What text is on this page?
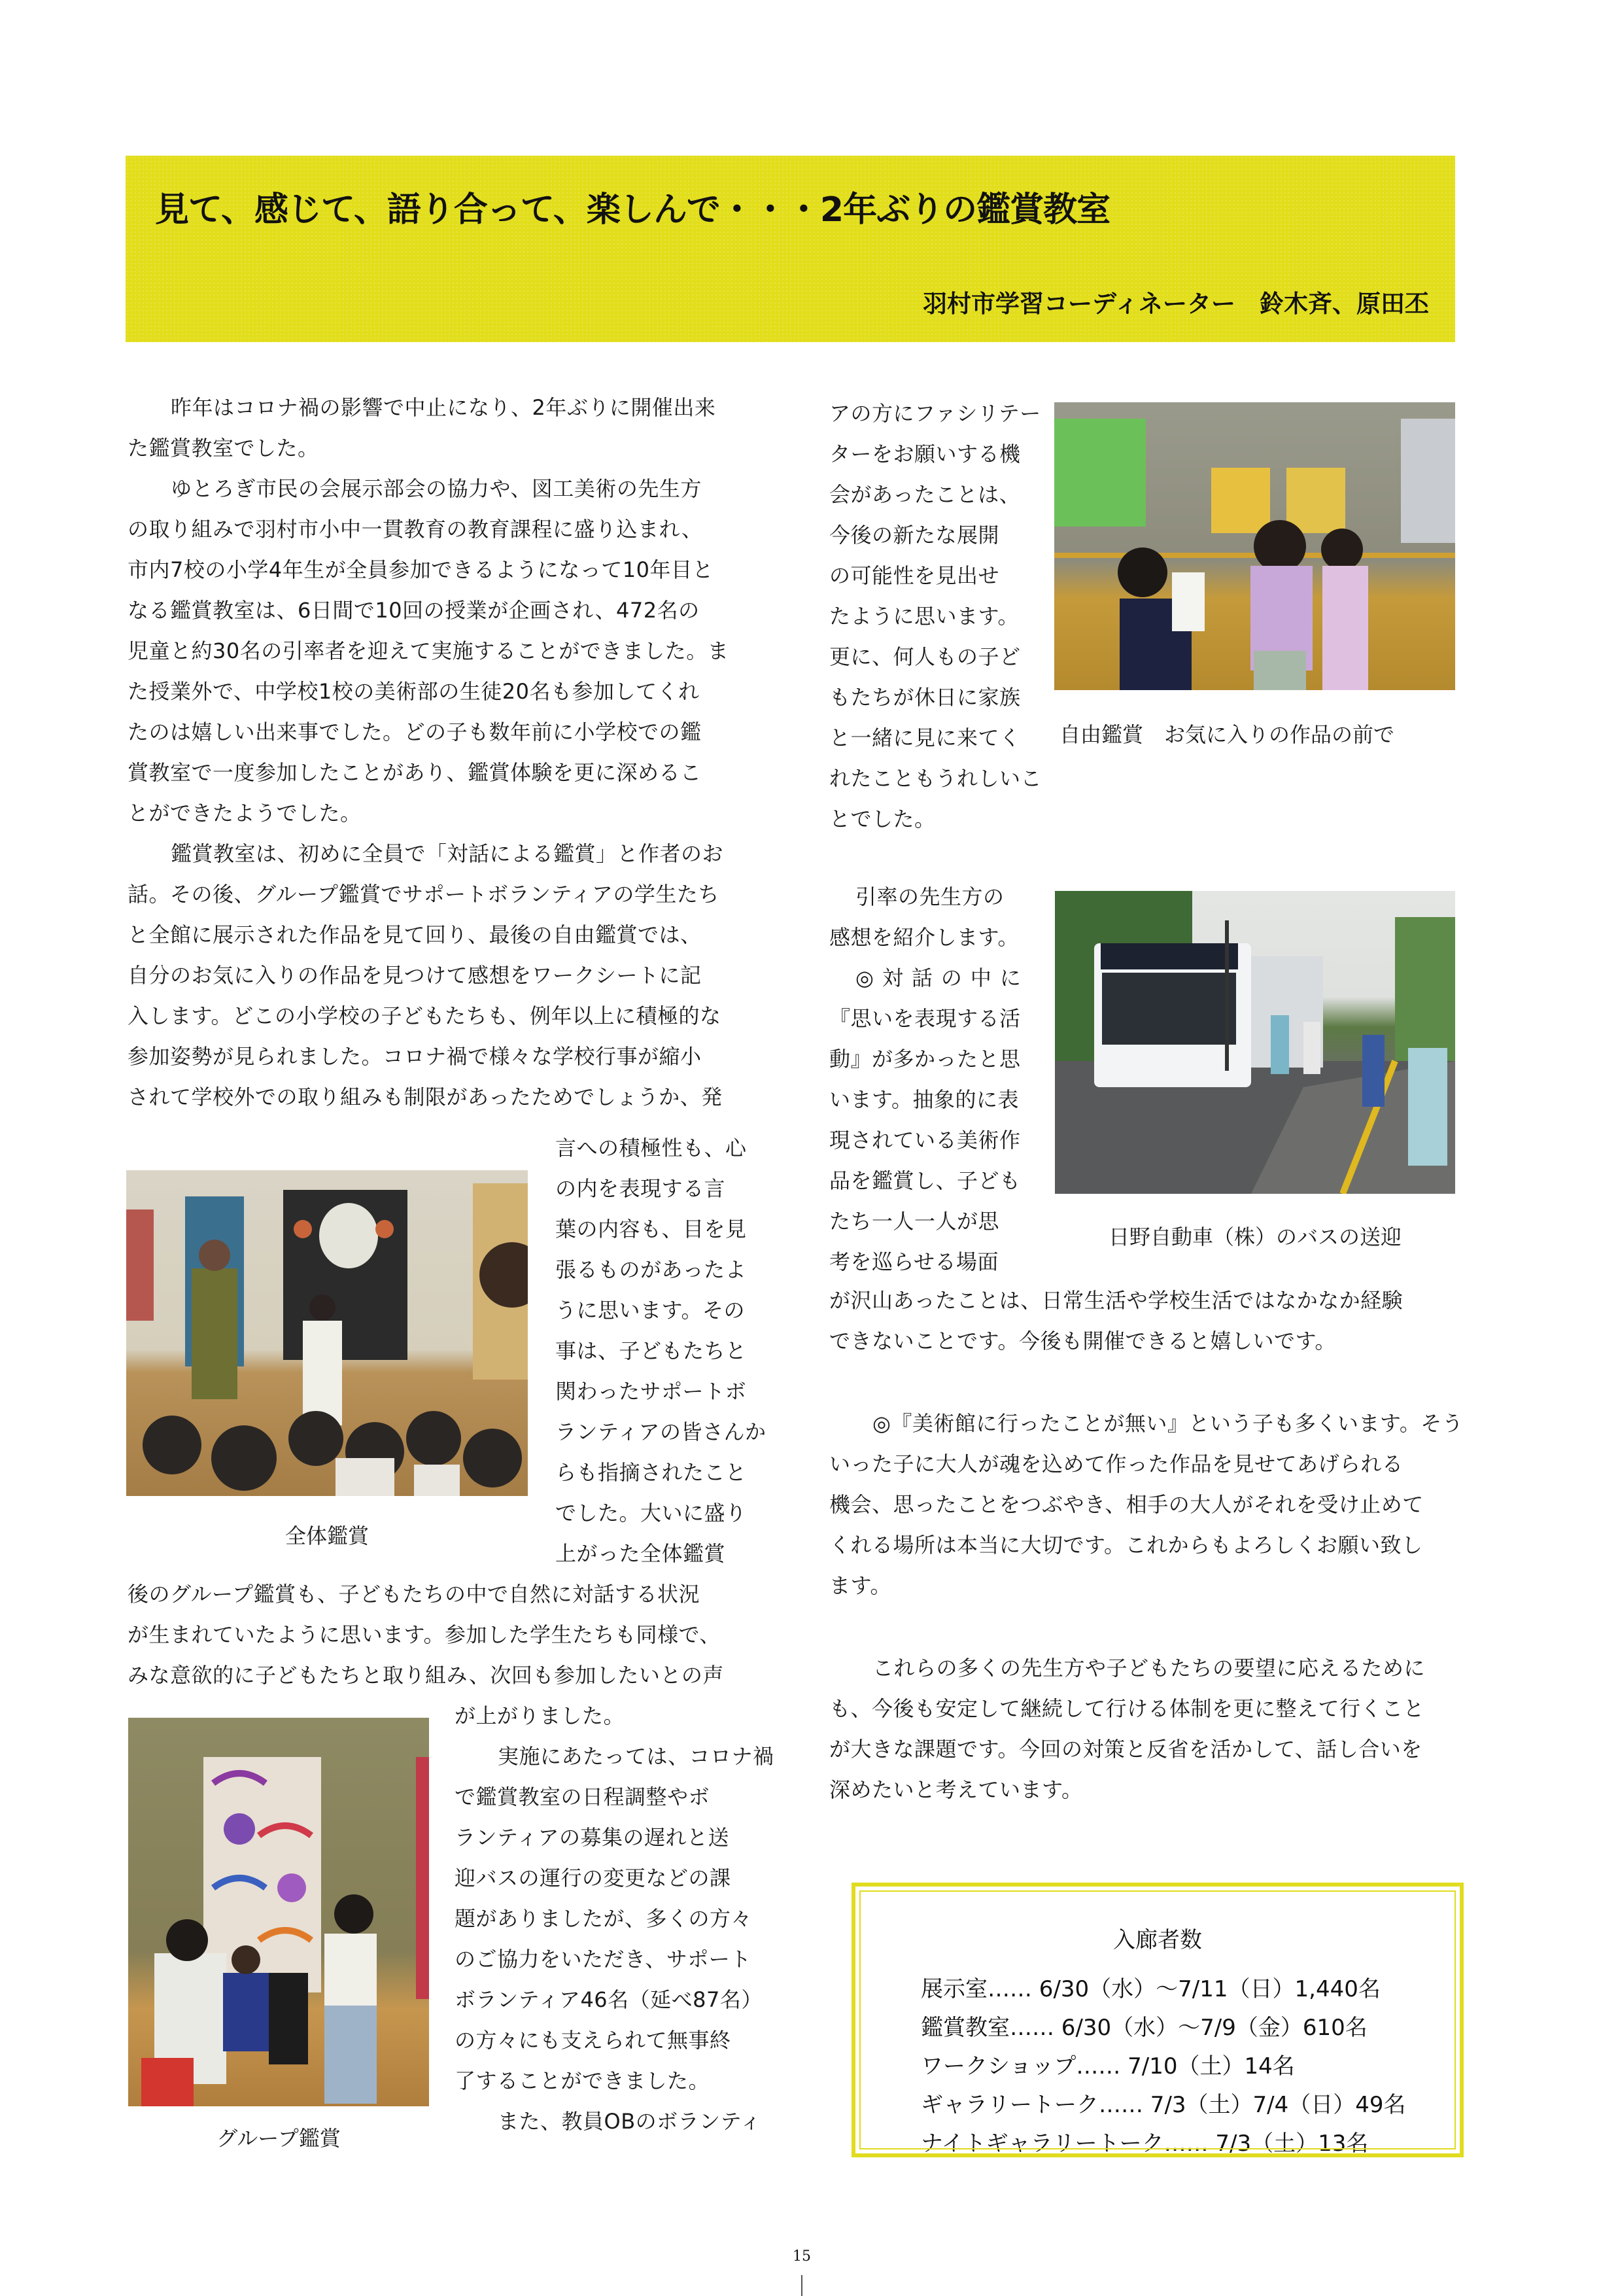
見て、感じて、語り合って、楽しんで・・・2年ぶりの鑑賞教室
羽村市学習コーディネーター　鈴木斉、原田丕

昨年はコロナ禍の影響で中止になり、2年ぶりに開催出来

た鑑賞教室でした。

ゆとろぎ市民の会展示部会の協力や、図工美術の先生方

の取り組みで羽村市小中一貫教育の教育課程に盛り込まれ、

市内7校の小学4年生が全員参加できるようになって10年目と

なる鑑賞教室は、6日間で10回の授業が企画され、472名の

児童と約30名の引率者を迎えて実施することができました。ま

た授業外で、中学校1校の美術部の生徒20名も参加してくれ

たのは嬉しい出来事でした。どの子も数年前に小学校での鑑

賞教室で一度参加したことがあり、鑑賞体験を更に深めるこ

とができたようでした。

鑑賞教室は、初めに全員で「対話による鑑賞」と作者のお

話。その後、グループ鑑賞でサポートボランティアの学生たち

と全館に展示された作品を見て回り、最後の自由鑑賞では、

自分のお気に入りの作品を見つけて感想をワークシートに記

入します。どこの小学校の子どもたちも、例年以上に積極的な

参加姿勢が見られました。コロナ禍で様々な学校行事が縮小

されて学校外での取り組みも制限があったためでしょうか、発

全体鑑賞

言への積極性も、心

の内を表現する言

葉の内容も、目を見

張るものがあったよ

うに思います。その

事は、子どもたちと

関わったサポートボ

ランティアの皆さんか

らも指摘されたこと

でした。大いに盛り

上がった全体鑑賞

後のグループ鑑賞も、子どもたちの中で自然に対話する状況

が生まれていたように思います。参加した学生たちも同様で、

みな意欲的に子どもたちと取り組み、次回も参加したいとの声

グループ鑑賞

が上がりました。

実施にあたっては、コロナ禍

で鑑賞教室の日程調整やボ

ランティアの募集の遅れと送

迎バスの運行の変更などの課

題がありましたが、多くの方々

のご協力をいただき、サポート

ボランティア46名（延べ87名）

の方々にも支えられて無事終

了することができました。

また、教員OBのボランティ

アの方にファシリテー

ターをお願いする機

会があったことは、

今後の新たな展開

の可能性を見出せ

たように思います。

更に、何人もの子ど

もたちが休日に家族

と一緒に見に来てく

れたこともうれしいこ

とでした。

自由鑑賞　お気に入りの作品の前で

引率の先生方の

感想を紹介します。

◎対話の中に

『思いを表現する活

動』が多かったと思

います。抽象的に表

現されている美術作

品を鑑賞し、子ども

たち一人一人が思

考を巡らせる場面

日野自動車（株）のバスの送迎

が沢山あったことは、日常生活や学校生活ではなかなか経験

できないことです。今後も開催できると嬉しいです。

◎『美術館に行ったことが無い』という子も多くいます。そう

いった子に大人が魂を込めて作った作品を見せてあげられる

機会、思ったことをつぶやき、相手の大人がそれを受け止めて

くれる場所は本当に大切です。これからもよろしくお願い致し

ます。

これらの多くの先生方や子どもたちの要望に応えるために

も、今後も安定して継続して行ける体制を更に整えて行くこと

が大きな課題です。今回の対策と反省を活かして、話し合いを

深めたいと考えています。

入廊者数
展示室…… 6/30（水）～7/11（日）1,440名
鑑賞教室…… 6/30（水）～7/9（金）610名
ワークショップ…… 7/10（土）14名
ギャラリートーク…… 7/3（土）7/4（日）49名
ナイトギャラリートーク…… 7/3（土）13名
15
